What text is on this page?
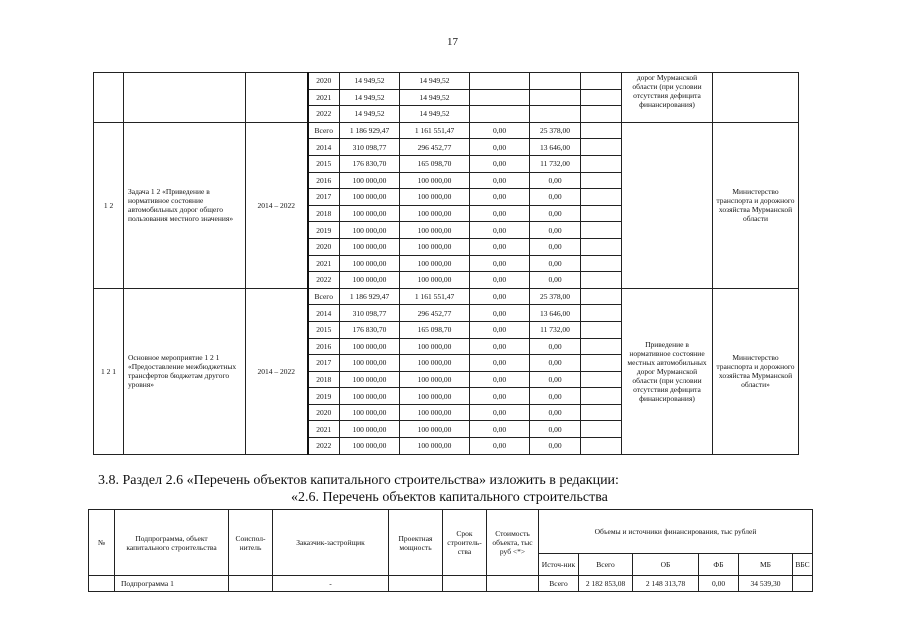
17
			2020	14 949,52	14 949,52				дорог Мурманской области (при условии отсутствия дефицита финансирования)	
			2021	14 949,52	14 949,52					
			2022	14 949,52	14 949,52					
1 2	Задача 1 2 «Приведение в нормативное состояние автомобильных дорог общего пользования местного значения»	2014 – 2022	Всего	1 186 929,47	1 161 551,47	0,00	25 378,00			Министерство транспорта и дорожного хозяйства Мурманской области
			2014	310 098,77	296 452,77	0,00	13 646,00			
			2015	176 830,70	165 098,70	0,00	11 732,00			
			2016	100 000,00	100 000,00	0,00	0,00			
			2017	100 000,00	100 000,00	0,00	0,00			
			2018	100 000,00	100 000,00	0,00	0,00			
			2019	100 000,00	100 000,00	0,00	0,00			
			2020	100 000,00	100 000,00	0,00	0,00			
			2021	100 000,00	100 000,00	0,00	0,00			
			2022	100 000,00	100 000,00	0,00	0,00			
1 2 1	Основное мероприятие 1 2 1 «Предоставление межбюджетных трансфертов бюджетам другого уровня»	2014 – 2022	Всего	1 186 929,47	1 161 551,47	0,00	25 378,00		Приведение в нормативное состояние местных автомобильных дорог Мурманской области (при условии отсутствия дефицита финансирования)	Министерство транспорта и дорожного хозяйства Мурманской области»
			2014	310 098,77	296 452,77	0,00	13 646,00			
			2015	176 830,70	165 098,70	0,00	11 732,00			
			2016	100 000,00	100 000,00	0,00	0,00			
			2017	100 000,00	100 000,00	0,00	0,00			
			2018	100 000,00	100 000,00	0,00	0,00			
			2019	100 000,00	100 000,00	0,00	0,00			
			2020	100 000,00	100 000,00	0,00	0,00			
			2021	100 000,00	100 000,00	0,00	0,00			
			2022	100 000,00	100 000,00	0,00	0,00			
3.8. Раздел 2.6 «Перечень объектов капитального строительства» изложить в редакции:
«2.6. Перечень объектов капитального строительства
№	Подпрограмма, объект капитального строительства	Соиспол-нитель	Заказчик-застройщик	Проектная мощность	Срок строитель-ства	Стоимость объекта, тыс руб <*>	Объемы и источники финансирования, тыс рублей					
							Источ-ник	Всего	ОБ	ФБ	МБ	ВБС
	Подпрограмма 1		-				Всего	2 182 853,08	2 148 313,78	0,00	34 539,30	
